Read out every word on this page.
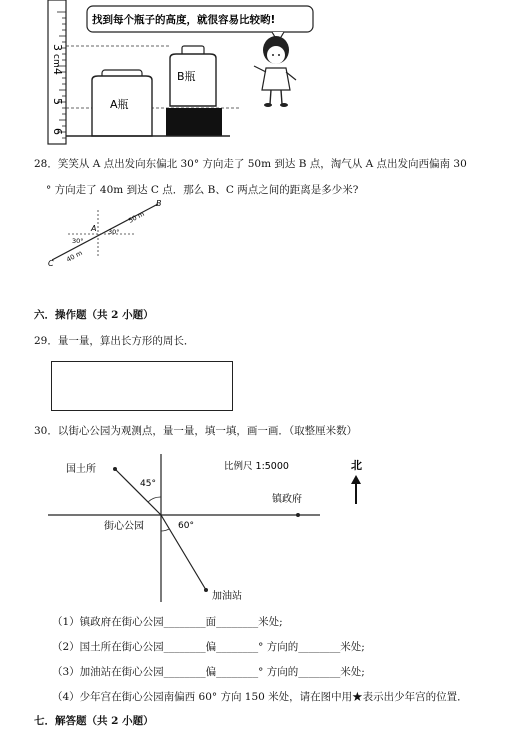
3
cm
4
5
6
找到每个瓶子的高度，就很容易比较哟!
A瓶
B瓶
28．笑笑从 A 点出发向东偏北 30° 方向走了 50m 到达 B 点，淘气从 A 点出发向西偏南 30
° 方向走了 40m 到达 C 点．那么 B、C 两点之间的距离是多少米?
C
A
B
30°
30°
50 m
40 m
六．操作题（共 2 小题）
29．量一量，算出长方形的周长．
30．以街心公园为观测点，量一量，填一填，画一画．（取整厘米数）
国土所
45°
比例尺 1:5000
镇政府
街心公园	60°
加油站
北
（1）镇政府在街心公园________面________米处;
（2）国土所在街心公园________偏________° 方向的________米处;
（3）加油站在街心公园________偏________° 方向的________米处;
（4）少年宫在街心公园南偏西 60° 方向 150 米处，请在图中用★表示出少年宫的位置．
七．解答题（共 2 小题）
